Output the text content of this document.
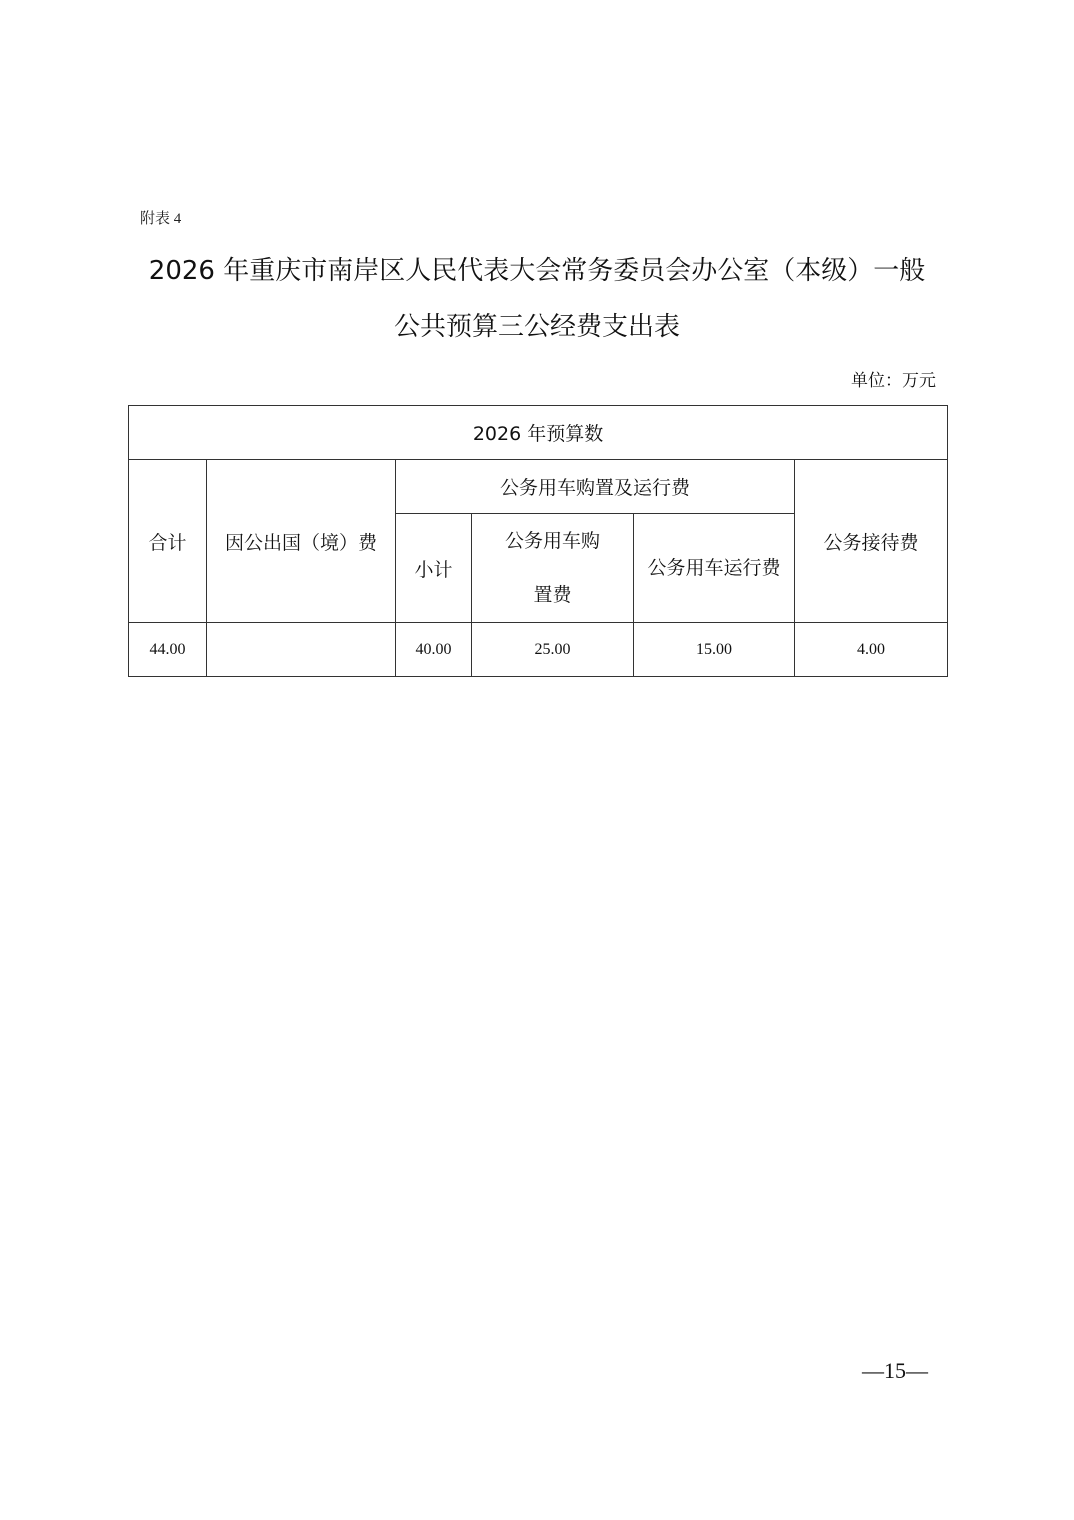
附表 4
2026 年重庆市南岸区人民代表大会常务委员会办公室（本级）一般
公共预算三公经费支出表
单位：万元
2026 年预算数					
合计	因公出国（境）费	公务用车购置及运行费			公务接待费
		小计	公务用车购置费	公务用车运行费	

44.00		40.00	25.00	15.00	4.00
—15—
